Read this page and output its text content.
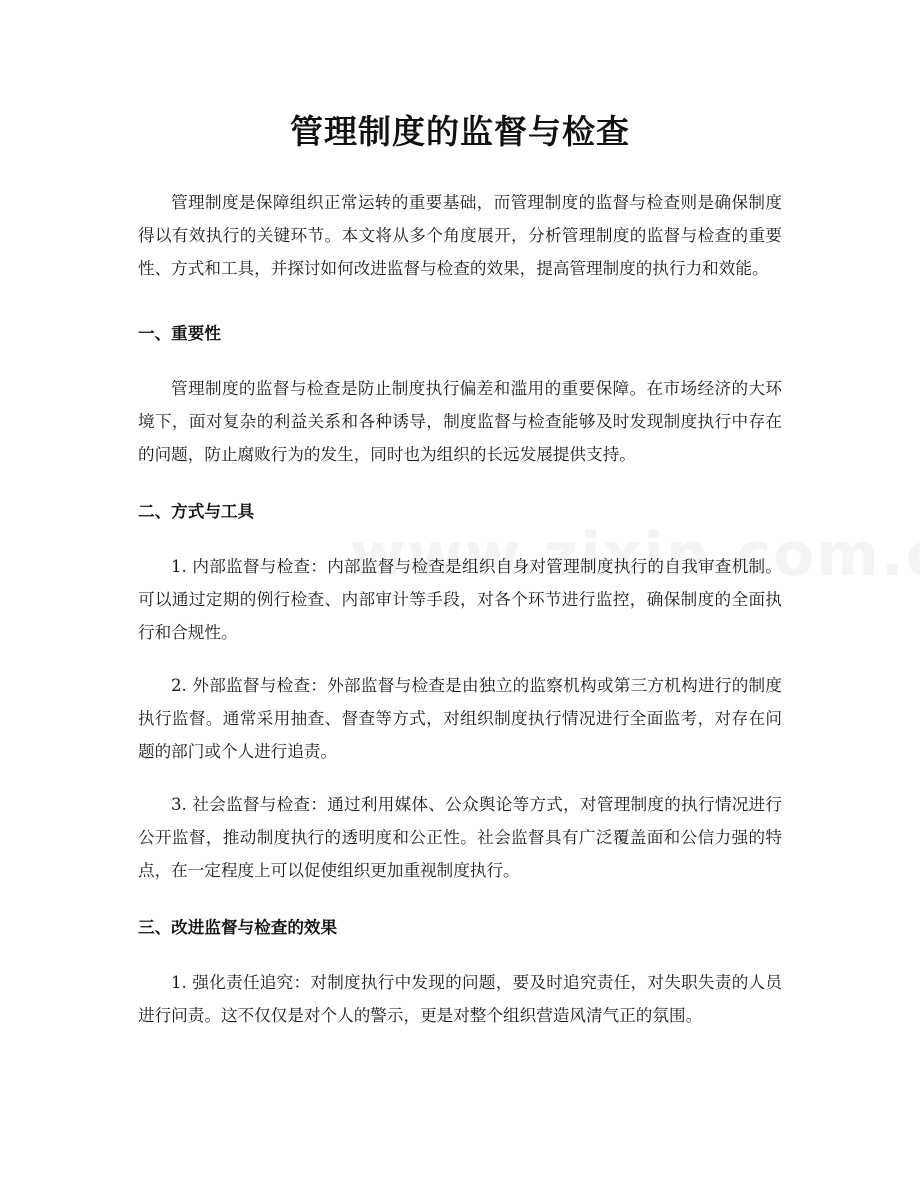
管理制度的监督与检查

管理制度是保障组织正常运转的重要基础，而管理制度的监督与检查则是确保制度得以有效执行的关键环节。本文将从多个角度展开，分析管理制度的监督与检查的重要性、方式和工具，并探讨如何改进监督与检查的效果，提高管理制度的执行力和效能。

一、重要性

管理制度的监督与检查是防止制度执行偏差和滥用的重要保障。在市场经济的大环境下，面对复杂的利益关系和各种诱导，制度监督与检查能够及时发现制度执行中存在的问题，防止腐败行为的发生，同时也为组织的长远发展提供支持。

二、方式与工具

1. 内部监督与检查：内部监督与检查是组织自身对管理制度执行的自我审查机制。可以通过定期的例行检查、内部审计等手段，对各个环节进行监控，确保制度的全面执行和合规性。

2. 外部监督与检查：外部监督与检查是由独立的监察机构或第三方机构进行的制度执行监督。通常采用抽查、督查等方式，对组织制度执行情况进行全面监考，对存在问题的部门或个人进行追责。

3. 社会监督与检查：通过利用媒体、公众舆论等方式，对管理制度的执行情况进行公开监督，推动制度执行的透明度和公正性。社会监督具有广泛覆盖面和公信力强的特点，在一定程度上可以促使组织更加重视制度执行。

三、改进监督与检查的效果

1. 强化责任追究：对制度执行中发现的问题，要及时追究责任，对失职失责的人员进行问责。这不仅仅是对个人的警示，更是对整个组织营造风清气正的氛围。
